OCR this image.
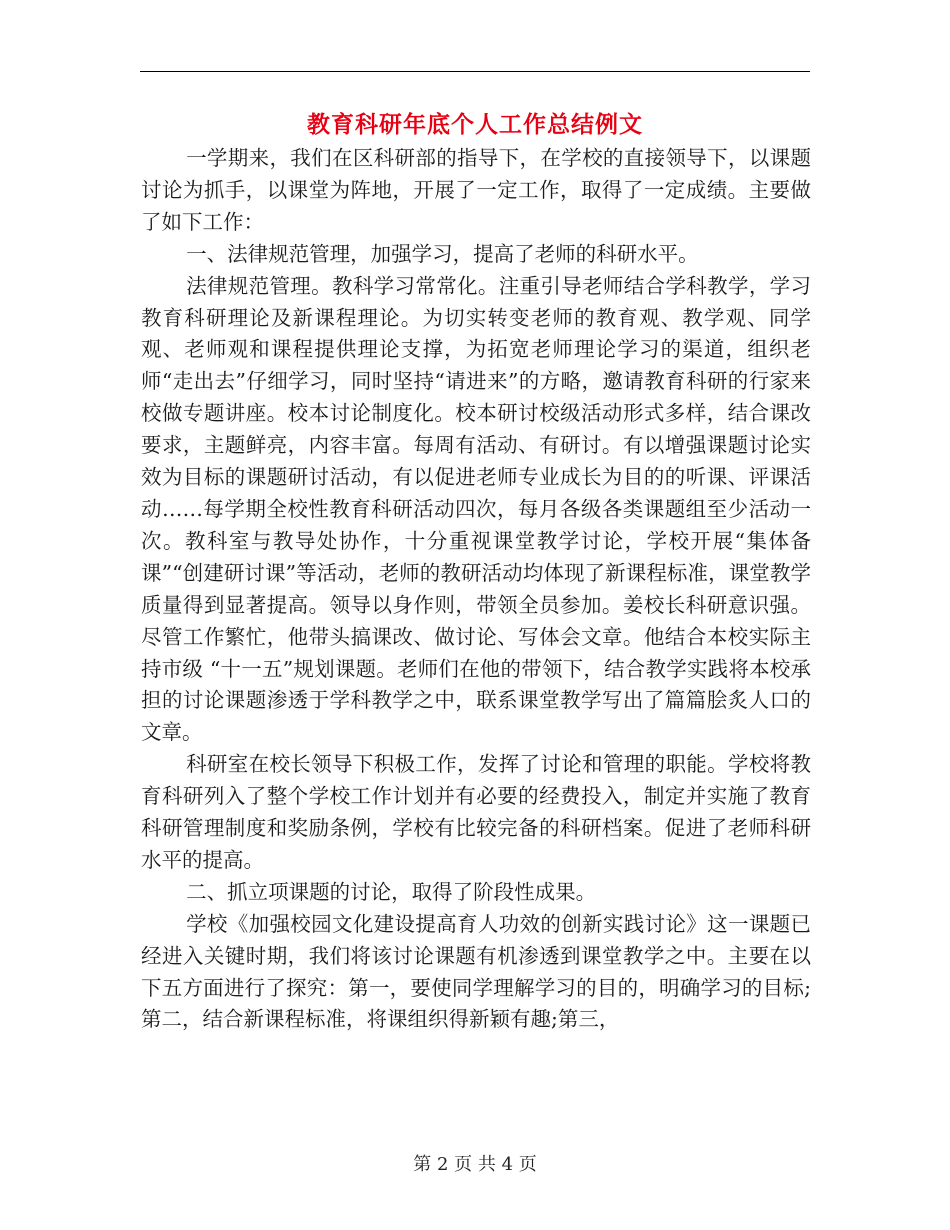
教育科研年底个人工作总结例文

一学期来，我们在区科研部的指导下，在学校的直接领导下，以课题讨论为抓手，以课堂为阵地，开展了一定工作，取得了一定成绩。主要做了如下工作：

一、法律规范管理，加强学习，提高了老师的科研水平。

法律规范管理。教科学习常常化。注重引导老师结合学科教学，学习教育科研理论及新课程理论。为切实转变老师的教育观、教学观、同学观、老师观和课程提供理论支撑，为拓宽老师理论学习的渠道，组织老师“走出去”仔细学习，同时坚持“请进来”的方略，邀请教育科研的行家来校做专题讲座。校本讨论制度化。校本研讨校级活动形式多样，结合课改要求，主题鲜亮，内容丰富。每周有活动、有研讨。有以增强课题讨论实效为目标的课题研讨活动，有以促进老师专业成长为目的的听课、评课活动……每学期全校性教育科研活动四次，每月各级各类课题组至少活动一次。教科室与教导处协作，十分重视课堂教学讨论，学校开展“集体备课”“创建研讨课”等活动，老师的教研活动均体现了新课程标准，课堂教学质量得到显著提高。领导以身作则，带领全员参加。姜校长科研意识强。尽管工作繁忙，他带头搞课改、做讨论、写体会文章。他结合本校实际主持市级 “十一五”规划课题。老师们在他的带领下，结合教学实践将本校承担的讨论课题渗透于学科教学之中，联系课堂教学写出了篇篇脍炙人口的文章。

科研室在校长领导下积极工作，发挥了讨论和管理的职能。学校将教育科研列入了整个学校工作计划并有必要的经费投入，制定并实施了教育科研管理制度和奖励条例，学校有比较完备的科研档案。促进了老师科研水平的提高。

二、抓立项课题的讨论，取得了阶段性成果。

学校《加强校园文化建设提高育人功效的创新实践讨论》这一课题已经进入关键时期，我们将该讨论课题有机渗透到课堂教学之中。主要在以下五方面进行了探究：第一，要使同学理解学习的目的，明确学习的目标;第二，结合新课程标准，将课组织得新颖有趣;第三，

第 2 页 共 4 页
